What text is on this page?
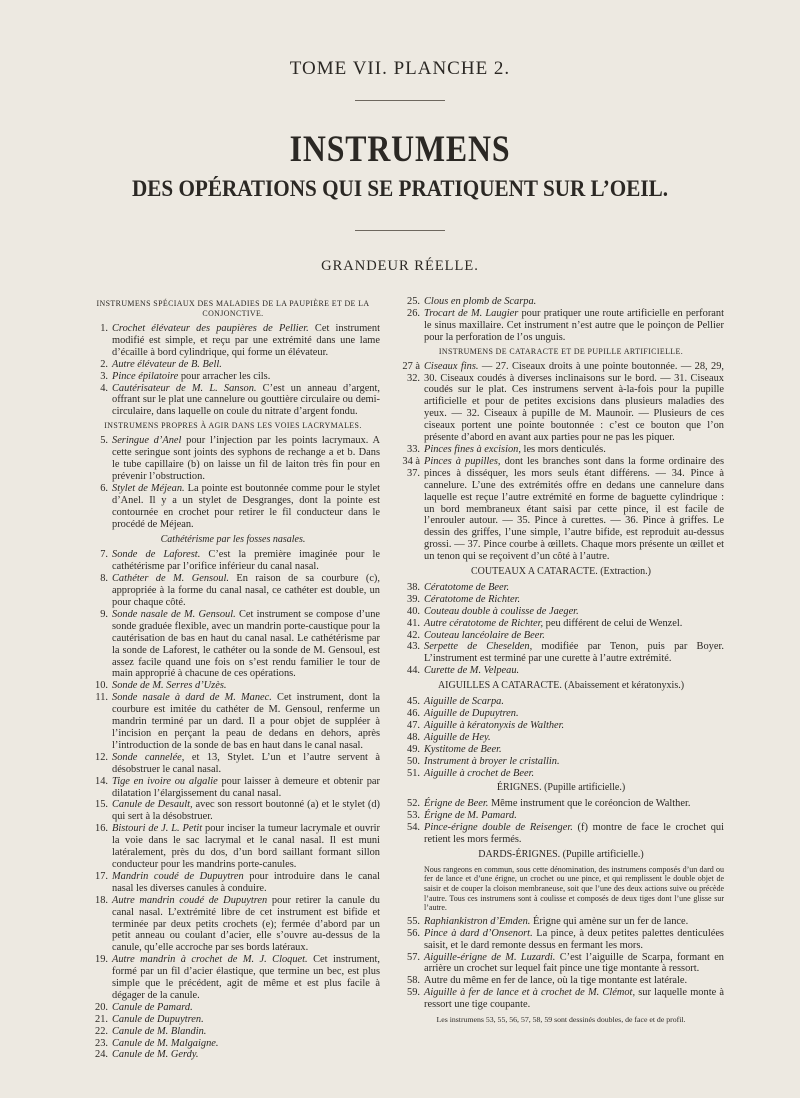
TOME VII. PLANCHE 2.
INSTRUMENS
DES OPÉRATIONS QUI SE PRATIQUENT SUR L’OEIL.
GRANDEUR RÉELLE.
INSTRUMENS SPÉCIAUX DES MALADIES DE LA PAUPIÈRE ET DE LA CONJONCTIVE.
1. Crochet élévateur des paupières de Pellier. Cet instrument modifié est simple, et reçu par une extrémité dans une lame d’écaille à bord cylindrique, qui forme un élévateur.
2. Autre élévateur de B. Bell.
3. Pince épilatoire pour arracher les cils.
4. Cautérisateur de M. L. Sanson. C’est un anneau d’argent, offrant sur le plat une cannelure ou gouttière circulaire ou demi-circulaire, dans laquelle on coule du nitrate d’argent fondu.
INSTRUMENS PROPRES À AGIR DANS LES VOIES LACRYMALES.
5. Seringue d’Anel pour l’injection par les points lacrymaux. A cette seringue sont joints des syphons de rechange a et b. Dans le tube capillaire (b) on laisse un fil de laiton très fin pour en prévenir l’obstruction.
6. Stylet de Méjean. La pointe est boutonnée comme pour le stylet d’Anel. Il y a un stylet de Desgranges, dont la pointe est contournée en crochet pour retirer le fil conducteur dans le procédé de Méjean.
Cathétérisme par les fosses nasales.
7. Sonde de Laforest. C’est la première imaginée pour le cathétérisme par l’orifice inférieur du canal nasal.
8. Cathéter de M. Gensoul. En raison de sa courbure (c), appropriée à la forme du canal nasal, ce cathéter est double, un pour chaque côté.
9. Sonde nasale de M. Gensoul. Cet instrument se compose d’une sonde graduée flexible, avec un mandrin porte-caustique pour la cautérisation de bas en haut du canal nasal. Le cathétérisme par la sonde de Laforest, le cathéter ou la sonde de M. Gensoul, est assez facile quand une fois on s’est rendu familier le tour de main approprié à chacune de ces opérations.
10. Sonde de M. Serres d’Uzès.
11. Sonde nasale à dard de M. Manec. Cet instrument, dont la courbure est imitée du cathéter de M. Gensoul, renferme un mandrin terminé par un dard. Il a pour objet de suppléer à l’incision en perçant la peau de dedans en dehors, après l’introduction de la sonde de bas en haut dans le canal nasal.
12. Sonde cannelée, et 13, Stylet. L’un et l’autre servent à désobstruer le canal nasal.
14. Tige en ivoire ou algalie pour laisser à demeure et obtenir par dilatation l’élargissement du canal nasal.
15. Canule de Desault, avec son ressort boutonné (a) et le stylet (d) qui sert à la désobstruer.
16. Bistouri de J. L. Petit pour inciser la tumeur lacrymale et ouvrir la voie dans le sac lacrymal et le canal nasal. Il est muni latéralement, près du dos, d’un bord saillant formant sillon conducteur pour les mandrins porte-canules.
17. Mandrin coudé de Dupuytren pour introduire dans le canal nasal les diverses canules à conduire.
18. Autre mandrin coudé de Dupuytren pour retirer la canule du canal nasal. L’extrémité libre de cet instrument est bifide et terminée par deux petits crochets (e); fermée d’abord par un petit anneau ou coulant d’acier, elle s’ouvre au-dessus de la canule, qu’elle accroche par ses bords latéraux.
19. Autre mandrin à crochet de M. J. Cloquet. Cet instrument, formé par un fil d’acier élastique, que termine un bec, est plus simple que le précédent, agit de même et est plus facile à dégager de la canule.
20. Canule de Pamard.
21. Canule de Dupuytren.
22. Canule de M. Blandin.
23. Canule de M. Malgaigne.
24. Canule de M. Gerdy.
25. Clous en plomb de Scarpa.
26. Trocart de M. Laugier pour pratiquer une route artificielle en perforant le sinus maxillaire. Cet instrument n’est autre que le poinçon de Pellier pour la perforation de l’os unguis.
INSTRUMENS DE CATARACTE ET DE PUPILLE ARTIFICIELLE.
27 à 32.
Ciseaux fins. — 27. Ciseaux droits à une pointe boutonnée. — 28, 29, 30. Ciseaux coudés à diverses inclinaisons sur le bord. — 31. Ciseaux coudés sur le plat. Ces instrumens servent à-la-fois pour la pupille artificielle et pour de petites excisions dans plusieurs maladies des yeux. — 32. Ciseaux à pupille de M. Maunoir. — Plusieurs de ces ciseaux portent une pointe boutonnée : c’est ce bouton que l’on présente d’abord en avant aux parties pour ne pas les piquer.
33. Pinces fines à excision, les mors denticulés.
34 à 37.
Pinces à pupilles, dont les branches sont dans la forme ordinaire des pinces à disséquer, les mors seuls étant différens. — 34. Pince à cannelure. L’une des extrémités offre en dedans une cannelure dans laquelle est reçue l’autre extrémité en forme de baguette cylindrique : un bord membraneux étant saisi par cette pince, il est facile de l’enrouler autour. — 35. Pince à curettes. — 36. Pince à griffes. Le dessin des griffes, l’une simple, l’autre bifide, est reproduit au-dessus grossi. — 37. Pince courbe à œillets. Chaque mors présente un œillet et un tenon qui se reçoivent d’un côté à l’autre.
COUTEAUX A CATARACTE. (Extraction.)
38. Cératotome de Beer.
39. Cératotome de Richter.
40. Couteau double à coulisse de Jaeger.
41. Autre cératotome de Richter, peu différent de celui de Wenzel.
42. Couteau lancéolaire de Beer.
43. Serpette de Cheselden, modifiée par Tenon, puis par Boyer. L’instrument est terminé par une curette à l’autre extrémité.
44. Curette de M. Velpeau.
AIGUILLES A CATARACTE. (Abaissement et kératonyxis.)
45. Aiguille de Scarpa.
46. Aiguille de Dupuytren.
47. Aiguille à kératonyxis de Walther.
48. Aiguille de Hey.
49. Kystitome de Beer.
50. Instrument à broyer le cristallin.
51. Aiguille à crochet de Beer.
ÉRIGNES. (Pupille artificielle.)
52. Érigne de Beer. Même instrument que le coréoncion de Walther.
53. Érigne de M. Pamard.
54. Pince-érigne double de Reisenger. (f) montre de face le crochet qui retient les mors fermés.
DARDS-ÉRIGNES. (Pupille artificielle.)
Nous rangeons en commun, sous cette dénomination, des instrumens composés d’un dard ou fer de lance et d’une érigne, un crochet ou une pince, et qui remplissent le double objet de saisir et de couper la cloison membraneuse, soit que l’une des deux actions suive ou précède l’autre. Tous ces instrumens sont à coulisse et composés de deux tiges dont l’une glisse sur l’autre.
55. Raphiankistron d’Emden. Érigne qui amène sur un fer de lance.
56. Pince à dard d’Onsenort. La pince, à deux petites palettes denticulées saisit, et le dard remonte dessus en fermant les mors.
57. Aiguille-érigne de M. Luzardi. C’est l’aiguille de Scarpa, formant en arrière un crochet sur lequel fait pince une tige montante à ressort.
58. Autre du même en fer de lance, où la tige montante est latérale.
59. Aiguille à fer de lance et à crochet de M. Clémot, sur laquelle monte à ressort une tige coupante.
Les instrumens 53, 55, 56, 57, 58, 59 sont dessinés doubles, de face et de profil.
